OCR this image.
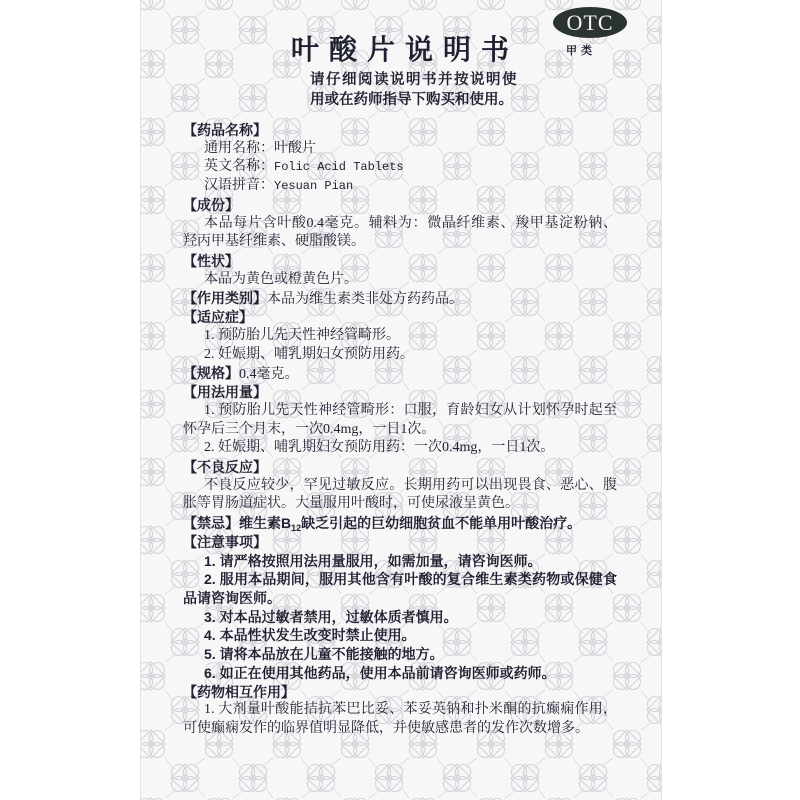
OTC
甲类
叶酸片说明书
请仔细阅读说明书并按说明使
用或在药师指导下购买和使用。
【药品名称】
通用名称：叶酸片
英文名称：Folic Acid Tablets
汉语拼音：Yesuan Pian
【成份】
本品每片含叶酸0.4毫克。辅料为：微晶纤维素、羧甲基淀粉钠、
羟丙甲基纤维素、硬脂酸镁。
【性状】
本品为黄色或橙黄色片。
【作用类别】本品为维生素类非处方药药品。
【适应症】
1. 预防胎儿先天性神经管畸形。
2. 妊娠期、哺乳期妇女预防用药。
【规格】0.4毫克。
【用法用量】
1. 预防胎儿先天性神经管畸形：口服，育龄妇女从计划怀孕时起至
怀孕后三个月末，一次0.4mg，一日1次。
2. 妊娠期、哺乳期妇女预防用药：一次0.4mg，一日1次。
【不良反应】
不良反应较少，罕见过敏反应。长期用药可以出现畏食、恶心、腹
胀等胃肠道症状。大量服用叶酸时，可使尿液呈黄色。
【禁忌】维生素$B_{12}$缺乏引起的巨幼细胞贫血不能单用叶酸治疗。
【注意事项】
1. 请严格按照用法用量服用，如需加量，请咨询医师。
2. 服用本品期间，服用其他含有叶酸的复合维生素类药物或保健食
品请咨询医师。
3. 对本品过敏者禁用，过敏体质者慎用。
4. 本品性状发生改变时禁止使用。
5. 请将本品放在儿童不能接触的地方。
6. 如正在使用其他药品，使用本品前请咨询医师或药师。
【药物相互作用】
1. 大剂量叶酸能拮抗苯巴比妥、苯妥英钠和扑米酮的抗癫痫作用，
可使癫痫发作的临界值明显降低，并使敏感患者的发作次数增多。
